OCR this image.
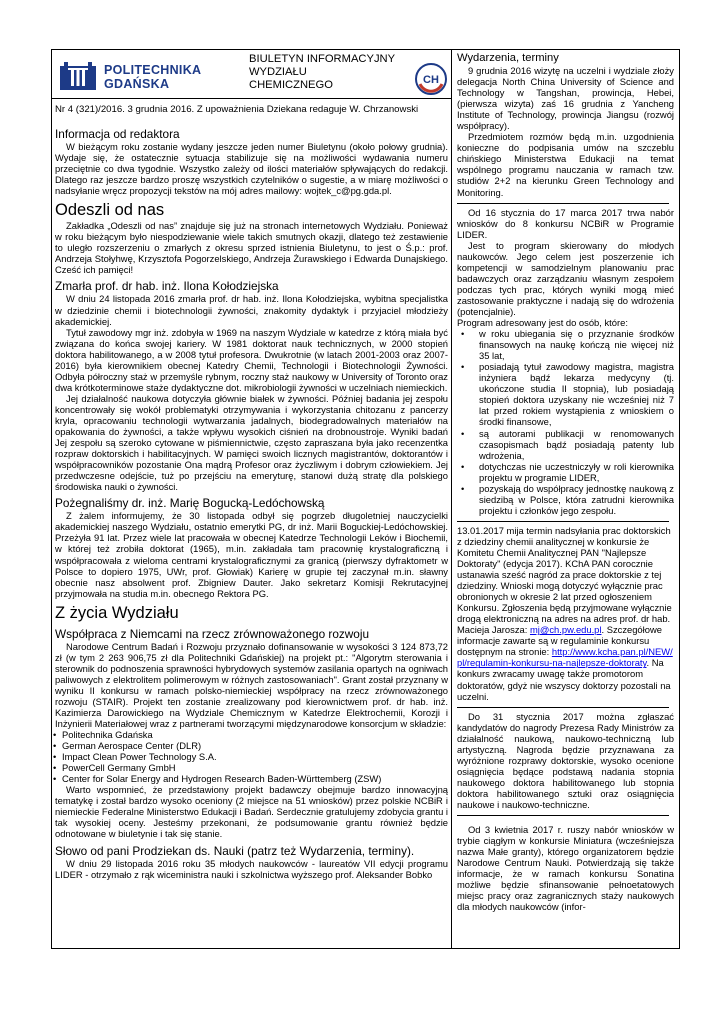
POLITECHNIKA
GDAŃSKA
BIULETYN INFORMACYJNY
WYDZIAŁU
CHEMICZNEGO	CH
Nr 4 (321)/2016. 3 grudnia 2016. Z upoważnienia Dziekana redaguje W. Chrzanowski
Informacja od redaktora

W bieżącym roku zostanie wydany jeszcze jeden numer Biuletynu (około połowy grudnia). Wydaje się, że ostatecznie sytuacja stabilizuje się na możliwości wydawania numeru przeciętnie co dwa tygodnie. Wszystko zależy od ilości materiałów spływających do redakcji. Dlatego raz jeszcze bardzo proszę wszystkich czytelników o sugestie, a w miarę możliwości o nadsyłanie wręcz propozycji tekstów na mój adres mailowy: wojtek_c@pg.gda.pl.

Odeszli od nas

Zakładka „Odeszli od nas” znajduje się już na stronach internetowych Wydziału. Ponieważ w roku bieżącym było niespodziewanie wiele takich smutnych okazji, dlatego też zestawienie to uległo rozszerzeniu o zmarłych z okresu sprzed istnienia Biuletynu, to jest o Ś.p.: prof. Andrzeja Stołyhwę, Krzysztofa Pogorzelskiego, Andrzeja Żurawskiego i Edwarda Dunajskiego. Cześć ich pamięci!

Zmarła prof. dr hab. inż. Ilona Kołodziejska

W dniu 24 listopada 2016 zmarła prof. dr hab. inż. Ilona Kołodziejska, wybitna specjalistka w dziedzinie chemii i biotechnologii żywności, znakomity dydaktyk i przyjaciel młodzieży akademickiej.

Tytuł zawodowy mgr inż. zdobyła w 1969 na naszym Wydziale w katedrze z którą miała być związana do końca swojej kariery. W 1981 doktorat nauk technicznych, w 2000 stopień doktora habilitowanego, a w 2008 tytuł profesora. Dwukrotnie (w latach 2001-2003 oraz 2007-2016) była kierownikiem obecnej Katedry Chemii, Technologii i Biotechnologii Żywności. Odbyła półroczny staż w przemyśle rybnym, roczny staż naukowy w University of Toronto oraz dwa krótkoterminowe staże dydaktyczne dot. mikrobiologii żywności w uczelniach niemieckich.

Jej działalność naukowa dotyczyła głównie białek w żywności. Później badania jej zespołu koncentrowały się wokół problematyki otrzymywania i wykorzystania chitozanu z pancerzy kryla, opracowaniu technologii wytwarzania jadalnych, biodegradowalnych materiałów na opakowania do żywności, a także wpływu wysokich ciśnień na drobnoustroje. Wyniki badań Jej zespołu są szeroko cytowane w piśmiennictwie, często zapraszana była jako recenzentka rozpraw doktorskich i habilitacyjnych. W pamięci swoich licznych magistrantów, doktorantów i współpracowników pozostanie Ona mądrą Profesor oraz życzliwym i dobrym człowiekiem. Jej przedwczesne odejście, tuż po przejściu na emeryturę, stanowi dużą stratę dla polskiego środowiska nauki o żywności.

Pożegnaliśmy dr. inż. Marię Bogucką-Ledóchowską

Z żalem informujemy, że 30 listopada odbył się pogrzeb długoletniej nauczycielki akademickiej naszego Wydziału, ostatnio emerytki PG, dr inż. Marii Boguckiej-Ledóchowskiej. Przeżyła 91 lat. Przez wiele lat pracowała w obecnej Katedrze Technologii Leków i Biochemii, w której też zrobiła doktorat (1965), m.in. zakładała tam pracownię krystalograficzną i współpracowała z wieloma centrami krystalograficznymi za granicą (pierwszy dyfraktometr w Polsce to dopiero 1975, UWr, prof. Głowiak) Karierę w grupie tej zaczynał m.in. sławny obecnie nasz absolwent prof. Zbigniew Dauter. Jako sekretarz Komisji Rekrutacyjnej przyjmowała na studia m.in. obecnego Rektora PG.

Z życia Wydziału
Współpraca z Niemcami na rzecz zrównoważonego rozwoju

Narodowe Centrum Badań i Rozwoju przyznało dofinansowanie w wysokości 3 124 873,72 zł (w tym 2 263 906,75 zł dla Politechniki Gdańskiej) na projekt pt.: "Algorytm sterowania i sterownik do podnoszenia sprawności hybrydowych systemów zasilania opartych na ogniwach paliwowych z elektrolitem polimerowym w różnych zastosowaniach". Grant został przyznany w wyniku II konkursu w ramach polsko-niemieckiej współpracy na rzecz zrównoważonego rozwoju (STAIR). Projekt ten zostanie zrealizowany pod kierownictwem prof. dr hab. inż. Kazimierza Darowickiego na Wydziale Chemicznym w Katedrze Elektrochemii, Korozji i Inżynierii Materiałowej wraz z partnerami tworzącymi międzynarodowe konsorcjum w składzie:

• Politechnika Gdańska
• German Aerospace Center (DLR)
• Impact Clean Power Technology S.A.
• PowerCell Germany GmbH
• Center for Solar Energy and Hydrogen Research Baden-Württemberg (ZSW)

Warto wspomnieć, że przedstawiony projekt badawczy obejmuje bardzo innowacyjną tematykę i został bardzo wysoko oceniony (2 miejsce na 51 wniosków) przez polskie NCBiR i niemieckie Federalne Ministerstwo Edukacji i Badań. Serdecznie gratulujemy zdobycia grantu i tak wysokiej oceny. Jesteśmy przekonani, że podsumowanie grantu również będzie odnotowane w biuletynie i tak się stanie.

Słowo od pani Prodziekan ds. Nauki (patrz też Wydarzenia, terminy).

W dniu 29 listopada 2016 roku 35 młodych naukowców - laureatów VII edycji programu LIDER - otrzymało z rąk wiceministra nauki i szkolnictwa wyższego prof. Aleksander Bobko

Wydarzenia, terminy

9 grudnia 2016 wizytę na uczelni i wydziale złoży delegacja North China University of Science and Technology w Tangshan, prowincja, Hebei, (pierwsza wizyta) zaś 16 grudnia z Yancheng Institute of Technology, prowincja Jiangsu (rozwój współpracy).

Przedmiotem rozmów będą m.in. uzgodnienia konieczne do podpisania umów na szczeblu chińskiego Ministerstwa Edukacji na temat wspólnego programu nauczania w ramach tzw. studiów 2+2 na kierunku Green Technology and Monitoring.

Od 16 stycznia do 17 marca 2017 trwa nabór wniosków do 8 konkursu NCBiR w Programie LIDER.

Jest to program skierowany do młodych naukowców. Jego celem jest poszerzenie ich kompetencji w samodzielnym planowaniu prac badawczych oraz zarządzaniu własnym zespołem podczas tych prac, których wyniki mogą mieć zastosowanie praktyczne i nadają się do wdrożenia (potencjalnie).

Program adresowany jest do osób, które:

• w roku ubiegania się o przyznanie środków finansowych na naukę kończą nie więcej niż 35 lat,
• posiadają tytuł zawodowy magistra, magistra inżyniera bądź lekarza medycyny (tj. ukończone studia II stopnia), lub posiadają stopień doktora uzyskany nie wcześniej niż 7 lat przed rokiem wystąpienia z wnioskiem o środki finansowe,
• są autorami publikacji w renomowanych czasopismach bądź posiadają patenty lub wdrożenia,
• dotychczas nie uczestniczyły w roli kierownika projektu w programie LIDER,
• pozyskają do współpracy jednostkę naukową z siedzibą w Polsce, która zatrudni kierownika projektu i członków jego zespołu.

13.01.2017 mija termin nadsyłania prac doktorskich z dziedziny chemii analitycznej w konkursie że Komitetu Chemii Analitycznej PAN "Najlepsze Doktoraty" (edycja 2017). KChA PAN corocznie ustanawia sześć nagród za prace doktorskie z tej dziedziny. Wnioski mogą dotyczyć wyłącznie prac obronionych w okresie 2 lat przed ogłoszeniem Konkursu. Zgłoszenia będą przyjmowane wyłącznie drogą elektroniczną na adres na adres prof. dr hab. Macieja Jarosza: mj@ch.pw.edu.pl. Szczegółowe informacje zawarte są w regulaminie konkursu dostępnym na stronie: http://www.kcha.pan.pl/NEW/pl/regulamin-konkursu-na-najlepsze-doktoraty. Na konkurs zwracamy uwagę także promotorom doktoratów, gdyż nie wszyscy doktorzy pozostali na uczelni.

Do 31 stycznia 2017 można zgłaszać kandydatów do nagrody Prezesa Rady Ministrów za działalność naukową, naukowo-techniczną lub artystyczną. Nagroda będzie przyznawana za wyróżnione rozprawy doktorskie, wysoko ocenione osiągnięcia będące podstawą nadania stopnia naukowego doktora habilitowanego lub stopnia doktora habilitowanego sztuki oraz osiągnięcia naukowe i naukowo-techniczne.

Od 3 kwietnia 2017 r. ruszy nabór wniosków w trybie ciągłym w konkursie Miniatura (wcześniejsza nazwa Małe granty), którego organizatorem będzie Narodowe Centrum Nauki. Potwierdzają się także informacje, że w ramach konkursu Sonatina możliwe będzie sfinansowanie pełnoetatowych miejsc pracy oraz zagranicznych staży naukowych dla młodych naukowców (infor-
